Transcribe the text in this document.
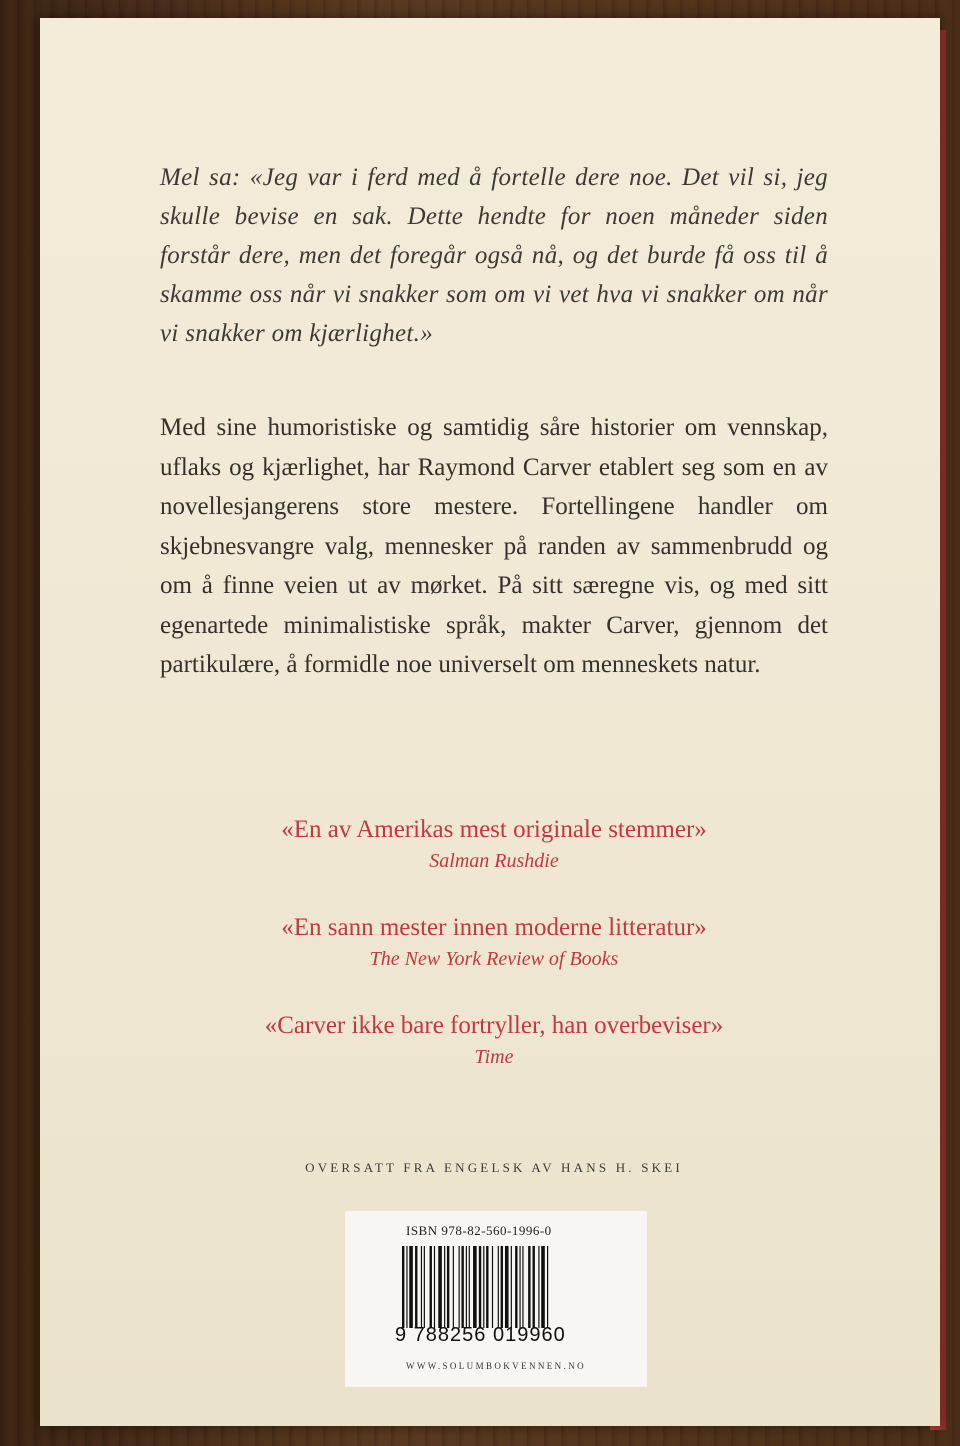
Mel sa: «Jeg var i ferd med å fortelle dere noe. Det vil si, jeg skulle bevise en sak. Dette hendte for noen måneder siden forstår dere, men det foregår også nå, og det burde få oss til å skamme oss når vi snakker som om vi vet hva vi snakker om når vi snakker om kjærlighet.»
Med sine humoristiske og samtidig såre historier om vennskap, uflaks og kjærlighet, har Raymond Carver etablert seg som en av novellesjangerens store mestere. Fortellingene handler om skjebnesvangre valg, mennesker på randen av sammenbrudd og om å finne veien ut av mørket. På sitt særegne vis, og med sitt egenartede minimalistiske språk, makter Carver, gjennom det partikulære, å formidle noe universelt om menneskets natur.
«En av Amerikas mest originale stemmer»
Salman Rushdie
«En sann mester innen moderne litteratur»
The New York Review of Books
«Carver ikke bare fortryller, han overbeviser»
Time
OVERSATT FRA ENGELSK AV HANS H. SKEI
ISBN 978-82-560-1996-0
9 788256 019960
WWW.SOLUMBOKVENNEN.NO
